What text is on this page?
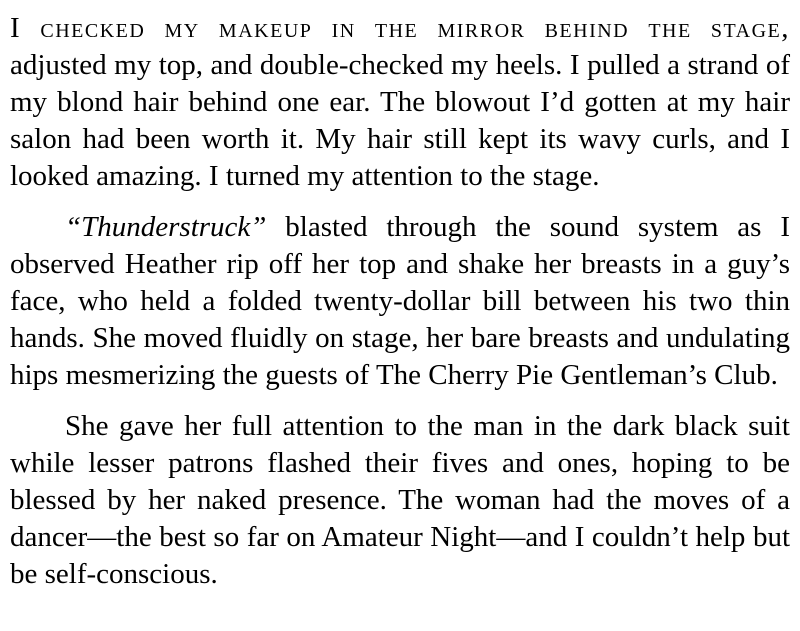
I checked my makeup in the mirror behind the stage, adjusted my top, and double-checked my heels. I pulled a strand of my blond hair behind one ear. The blowout I’d gotten at my hair salon had been worth it. My hair still kept its wavy curls, and I looked amazing. I turned my attention to the stage.

“Thunderstruck” blasted through the sound system as I observed Heather rip off her top and shake her breasts in a guy’s face, who held a folded twenty-dollar bill between his two thin hands. She moved fluidly on stage, her bare breasts and undulating hips mesmerizing the guests of The Cherry Pie Gentleman’s Club.

She gave her full attention to the man in the dark black suit while lesser patrons flashed their fives and ones, hoping to be blessed by her naked presence. The woman had the moves of a dancer—the best so far on Amateur Night—and I couldn’t help but be self-conscious.
